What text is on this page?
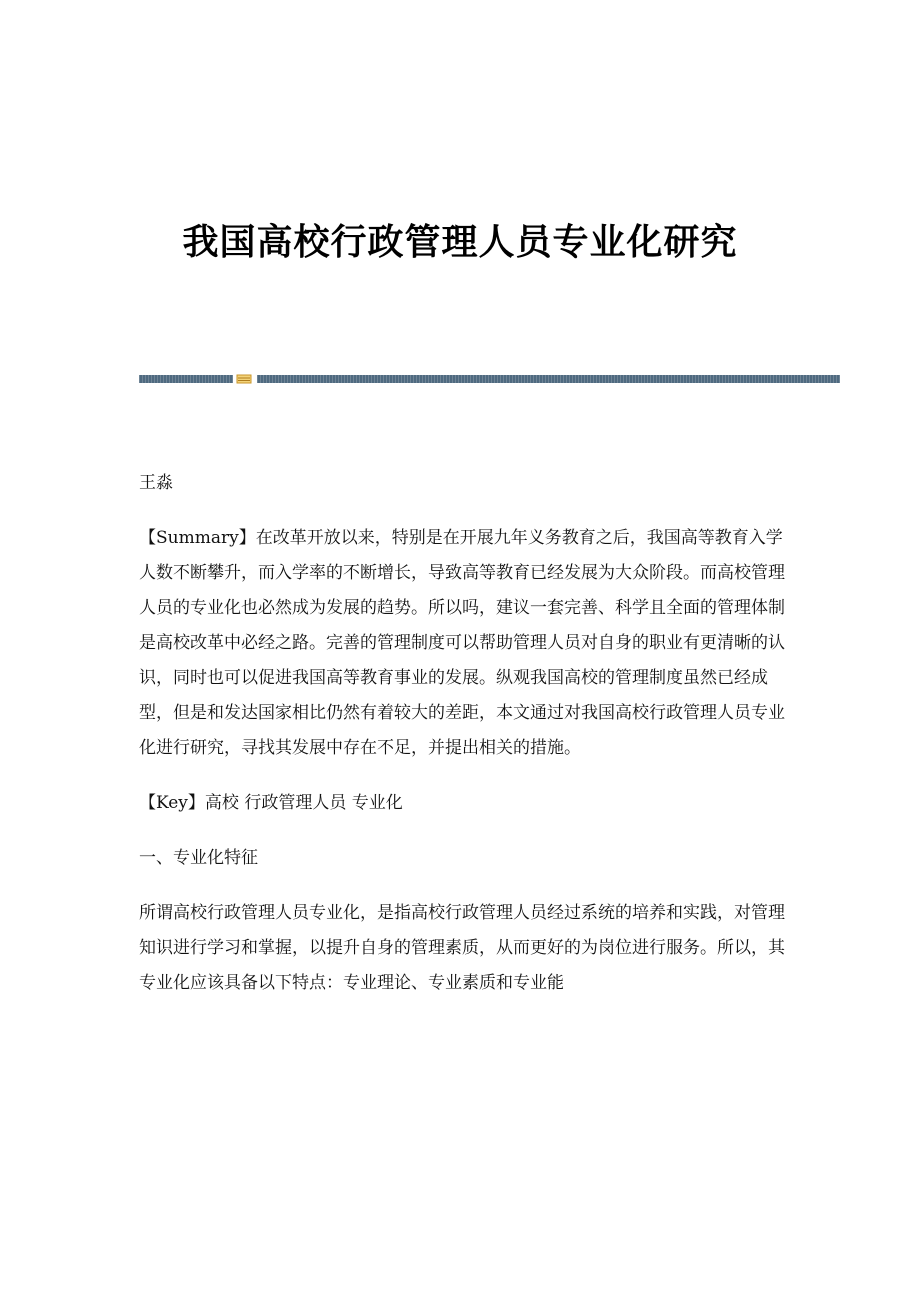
我国高校行政管理人员专业化研究

王淼

【Summary】在改革开放以来，特别是在开展九年义务教育之后，我国高等教育入学人数不断攀升，而入学率的不断增长，导致高等教育已经发展为大众阶段。而高校管理人员的专业化也必然成为发展的趋势。所以吗，建议一套完善、科学且全面的管理体制是高校改革中必经之路。完善的管理制度可以帮助管理人员对自身的职业有更清晰的认识，同时也可以促进我国高等教育事业的发展。纵观我国高校的管理制度虽然已经成型，但是和发达国家相比仍然有着较大的差距，本文通过对我国高校行政管理人员专业化进行研究，寻找其发展中存在不足，并提出相关的措施。

【Key】高校 行政管理人员 专业化

一、专业化特征

所谓高校行政管理人员专业化，是指高校行政管理人员经过系统的培养和实践，对管理知识进行学习和掌握，以提升自身的管理素质，从而更好的为岗位进行服务。所以，其专业化应该具备以下特点：专业理论、专业素质和专业能
